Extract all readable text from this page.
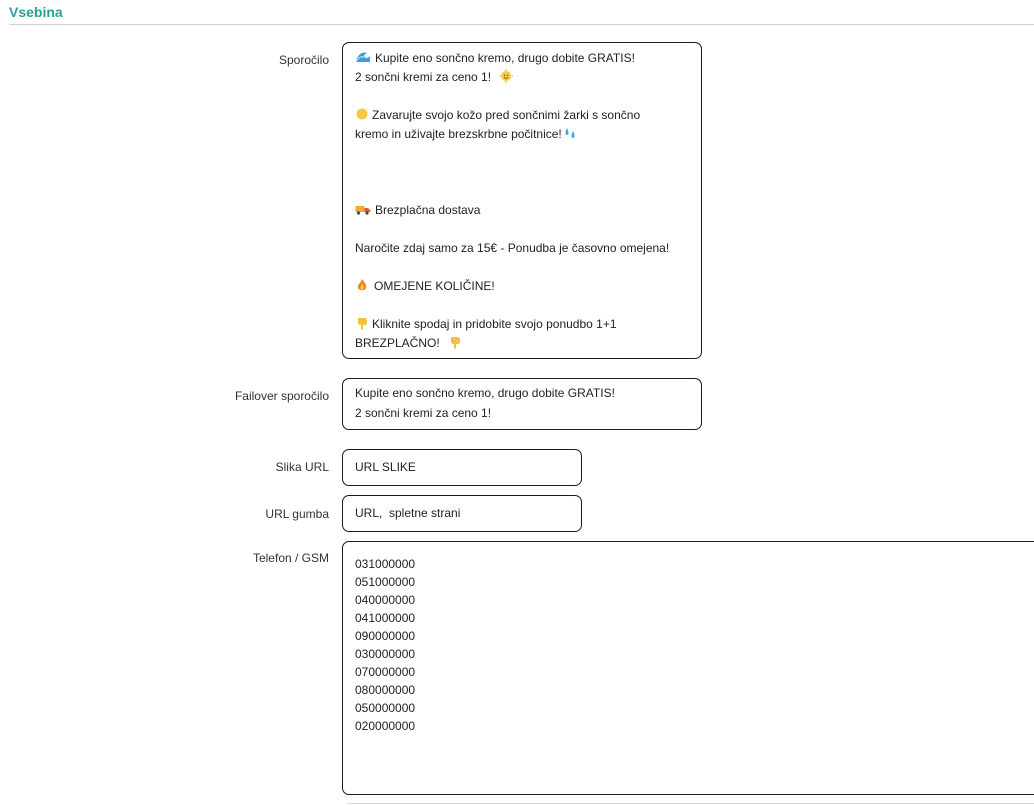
Vsebina
Sporočilo	Kupite eno sončno kremo, drugo dobite GRATIS!
2 sončni kremi za ceno 1!
Zavarujte svojo kožo pred sončnimi žarki s sončno
kremo in uživajte brezskrbne počitnice!
Brezplačna dostava
Naročite zdaj samo za 15€ - Ponudba je časovno omejena!
OMEJENE KOLIČINE!
Kliknite spodaj in pridobite svojo ponudbo 1+1
BREZPLAČNO!
Failover sporočilo Kupite eno sončno kremo, drugo dobite GRATIS!
2 sončni kremi za ceno 1!
Slika URL URL SLIKE
URL gumba URL,  spletne strani
Telefon / GSM 031000000
051000000
040000000
041000000
090000000
030000000
070000000
080000000
050000000
020000000
